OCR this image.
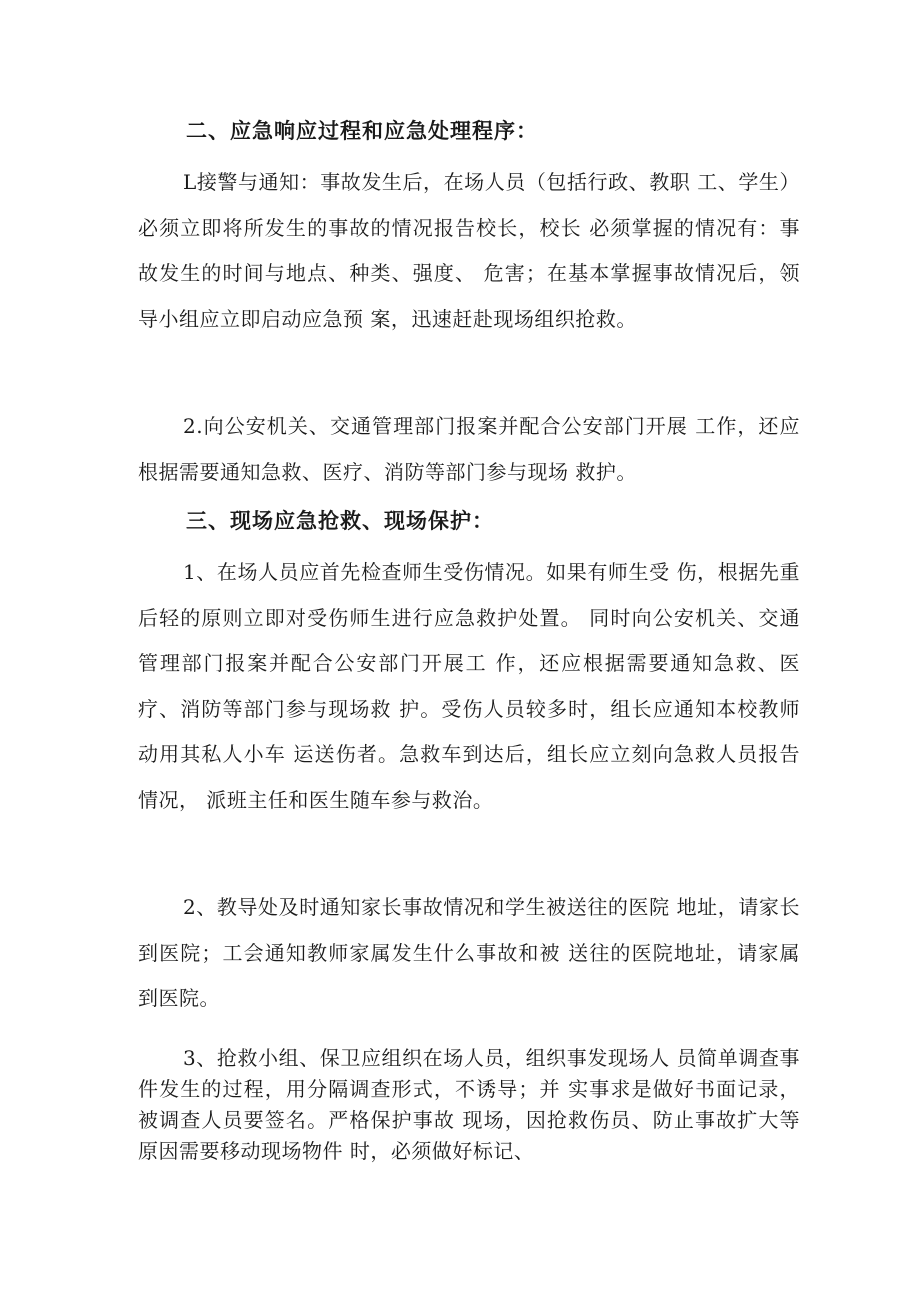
二、应急响应过程和应急处理程序：

L接警与通知：事故发生后，在场人员（包括行政、教职 工、学生）必须立即将所发生的事故的情况报告校长，校长 必须掌握的情况有：事故发生的时间与地点、种类、强度、 危害；在基本掌握事故情况后，领导小组应立即启动应急预 案，迅速赶赴现场组织抢救。

2.向公安机关、交通管理部门报案并配合公安部门开展 工作，还应根据需要通知急救、医疗、消防等部门参与现场 救护。

三、现场应急抢救、现场保护：

1、在场人员应首先检查师生受伤情况。如果有师生受 伤，根据先重后轻的原则立即对受伤师生进行应急救护处置。 同时向公安机关、交通管理部门报案并配合公安部门开展工 作，还应根据需要通知急救、医疗、消防等部门参与现场救 护。受伤人员较多时，组长应通知本校教师动用其私人小车 运送伤者。急救车到达后，组长应立刻向急救人员报告情况， 派班主任和医生随车参与救治。

2、教导处及时通知家长事故情况和学生被送往的医院 地址，请家长到医院；工会通知教师家属发生什么事故和被 送往的医院地址，请家属到医院。

3、抢救小组、保卫应组织在场人员，组织事发现场人 员简单调查事件发生的过程，用分隔调查形式，不诱导；并 实事求是做好书面记录，被调查人员要签名。严格保护事故 现场，因抢救伤员、防止事故扩大等原因需要移动现场物件 时，必须做好标记、
